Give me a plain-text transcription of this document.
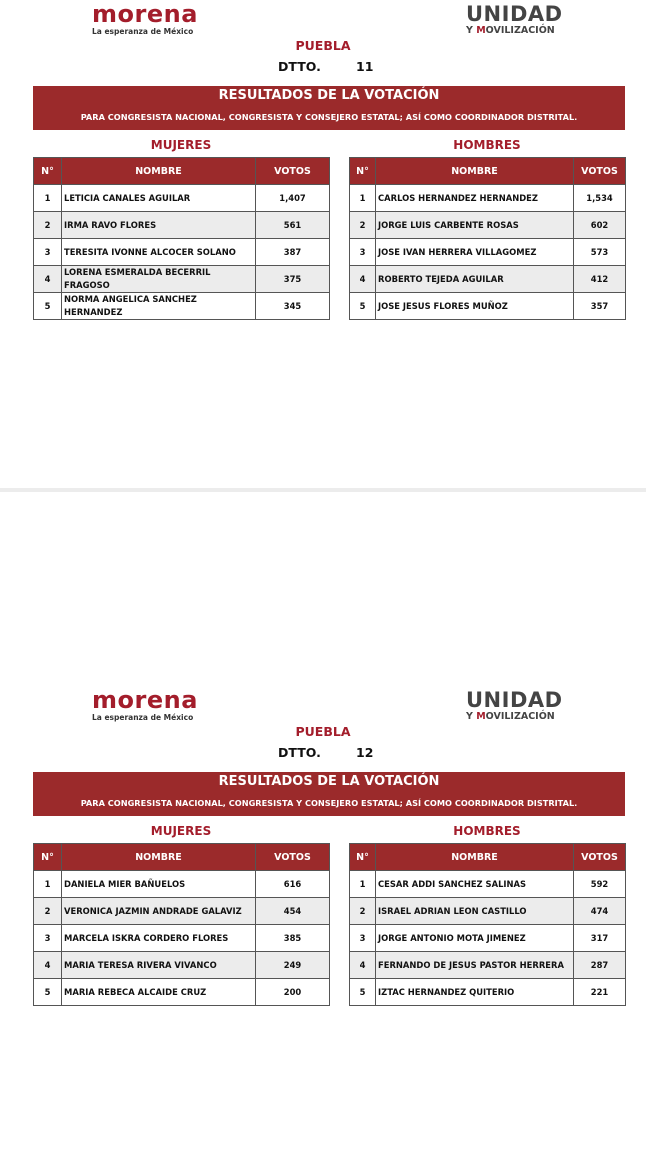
morena
La esperanza de México
UNIDAD
Y MOVILIZACIÓN
PUEBLA
DTTO.	11
RESULTADOS DE LA VOTACIÓN
PARA CONGRESISTA NACIONAL, CONGRESISTA Y CONSEJERO ESTATAL; ASÍ COMO COORDINADOR DISTRITAL.
MUJERES	HOMBRES
N°	NOMBRE	VOTOS
1	LETICIA CANALES AGUILAR	1,407
2	IRMA RAVO FLORES	561
3	TERESITA IVONNE ALCOCER SOLANO	387
4	LORENA ESMERALDA BECERRIL FRAGOSO	375
5	NORMA ANGELICA SANCHEZ HERNANDEZ	345
N°	NOMBRE	VOTOS
1	CARLOS HERNANDEZ HERNANDEZ	1,534
2	JORGE LUIS CARBENTE ROSAS	602
3	JOSE IVAN HERRERA VILLAGOMEZ	573
4	ROBERTO TEJEDA AGUILAR	412
5	JOSE JESUS FLORES MUÑOZ	357
morena
La esperanza de México
UNIDAD
Y MOVILIZACIÓN
PUEBLA
DTTO.	12
RESULTADOS DE LA VOTACIÓN
PARA CONGRESISTA NACIONAL, CONGRESISTA Y CONSEJERO ESTATAL; ASÍ COMO COORDINADOR DISTRITAL.
MUJERES	HOMBRES
N°	NOMBRE	VOTOS
1	DANIELA MIER BAÑUELOS	616
2	VERONICA JAZMIN ANDRADE GALAVIZ	454
3	MARCELA ISKRA CORDERO FLORES	385
4	MARIA TERESA RIVERA VIVANCO	249
5	MARIA REBECA ALCAIDE CRUZ	200
N°	NOMBRE	VOTOS
1	CESAR ADDI SANCHEZ SALINAS	592
2	ISRAEL ADRIAN LEON CASTILLO	474
3	JORGE ANTONIO MOTA JIMENEZ	317
4	FERNANDO DE JESUS PASTOR HERRERA	287
5	IZTAC HERNANDEZ QUITERIO	221
